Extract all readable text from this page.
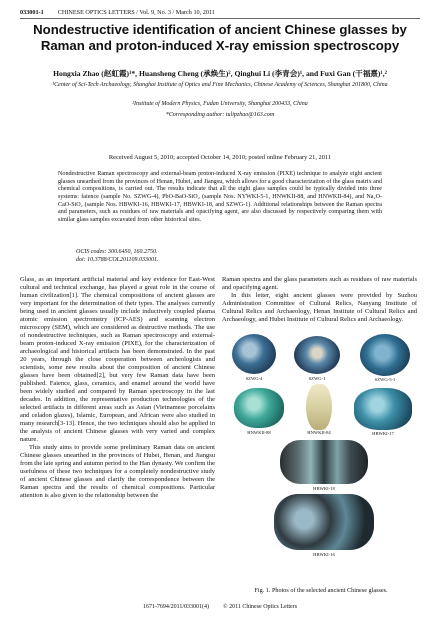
033001-1 CHINESE OPTICS LETTERS / Vol. 9, No. 3 / March 10, 2011
Nondestructive identification of ancient Chinese glasses by Raman and proton-induced X-ray emission spectroscopy
Hongxia Zhao (赵虹霞)¹*, Huansheng Cheng (承焕生)², Qinghui Li (李青会)¹, and Fuxi Gan (干福熹)¹,²
¹Center of Sci-Tech Archaeology, Shanghai Institute of Optics and Fine Mechanics, Chinese Academy of Sciences, Shanghai 201800, China
²Institute of Modern Physics, Fudan University, Shanghai 200433, China
*Corresponding author: tulipzhao@163.com
Received August 5, 2010; accepted October 14, 2010; posted online February 21, 2011
Nondestructive Raman spectroscopy and external-beam proton-induced X-ray emission (PIXE) technique to analyze eight ancient glasses unearthed from the provinces of Henan, Hubei, and Jiangsu, which allows for a good characterization of the glass matrix and chemical compositions, is carried out. The results indicate that all the eight glass samples could be typically divided into three systems: faience (sample No. SZWG-4), PbO-BaO-SiO₂ (sample Nos. NYWKI-5-1, HNWKII-88, and HNWKII-84), and Na₂O-CaO-SiO₂ (sample Nos. HBWKI-16, HBWKI-17, HBWKI-18, and SZWG-1). Additional relationships between the Raman spectra and parameters, such as residues of raw materials and opacifying agent, are also discussed by respectively comparing them with similar glass samples excavated from other historical sites.
OCIS codes: 300.6450, 160.2750.
doi: 10.3788/COL201109.033001.

Glass, as an important artificial material and key evidence for East-West cultural and technical exchange, has played a great role in the course of human civilization[1]. The chemical compositions of ancient glasses are very important for the determination of their types. The analyses currently being used in ancient glasses usually include inductively coupled plasma atomic emission spectrometry (ICP-AES) and scanning electron microscopy (SEM), which are considered as destructive methods. The use of nondestructive techniques, such as Raman spectroscopy and external-beam proton-induced X-ray emission (PIXE), for the characterization of archaeological and historical artifacts has been demonstrated. In the past 20 years, through the close cooperation between archeologists and scientists, some new results about the composition of ancient Chinese glasses have been obtained[2], but very few Raman data have been published. Faience, glass, ceramics, and enamel around the world have been widely studied and compared by Raman spectroscopy in the last decades. In addition, the representative production technologies of the selected artifacts in different areas such as Asian (Vietnamese porcelains and celadon glazes), Islamic, European, and African were also studied in many research[3-13]. Hence, the two techniques should also be applied in the analysis of ancient Chinese glasses with very varied and complex nature.

This study aims to provide some preliminary Raman data on ancient Chinese glasses unearthed in the provinces of Hubei, Henan, and Jiangsu from the late spring and autumn period to the Han dynasty. We confirm the usefulness of these two techniques for a completely nondestructive study of ancient Chinese glasses and clarify the correspondence between the Raman spectra and the results of chemical compositions. Particular attention is also given to the relationship between the

Raman spectra and the glass parameters such as residues of raw materials and opacifying agent.

In this letter, eight ancient glasses were provided by Suzhou Administration Committee of Cultural Relics, Nanyang Institute of Cultural Relics and Archaeology, Henan Institute of Cultural Relics and Archaeology, and Hubei Institute of Cultural Relics and Archaeology.

SZWG-4	SZWG-1	SZWG-5-1
HNWKII-88	HNWKII-84	HBWKI-17
HBWKI-18
HBWKI-16
Fig. 1. Photos of the selected ancient Chinese glasses.
1671-7694/2011/033001(4) © 2011 Chinese Optics Letters
